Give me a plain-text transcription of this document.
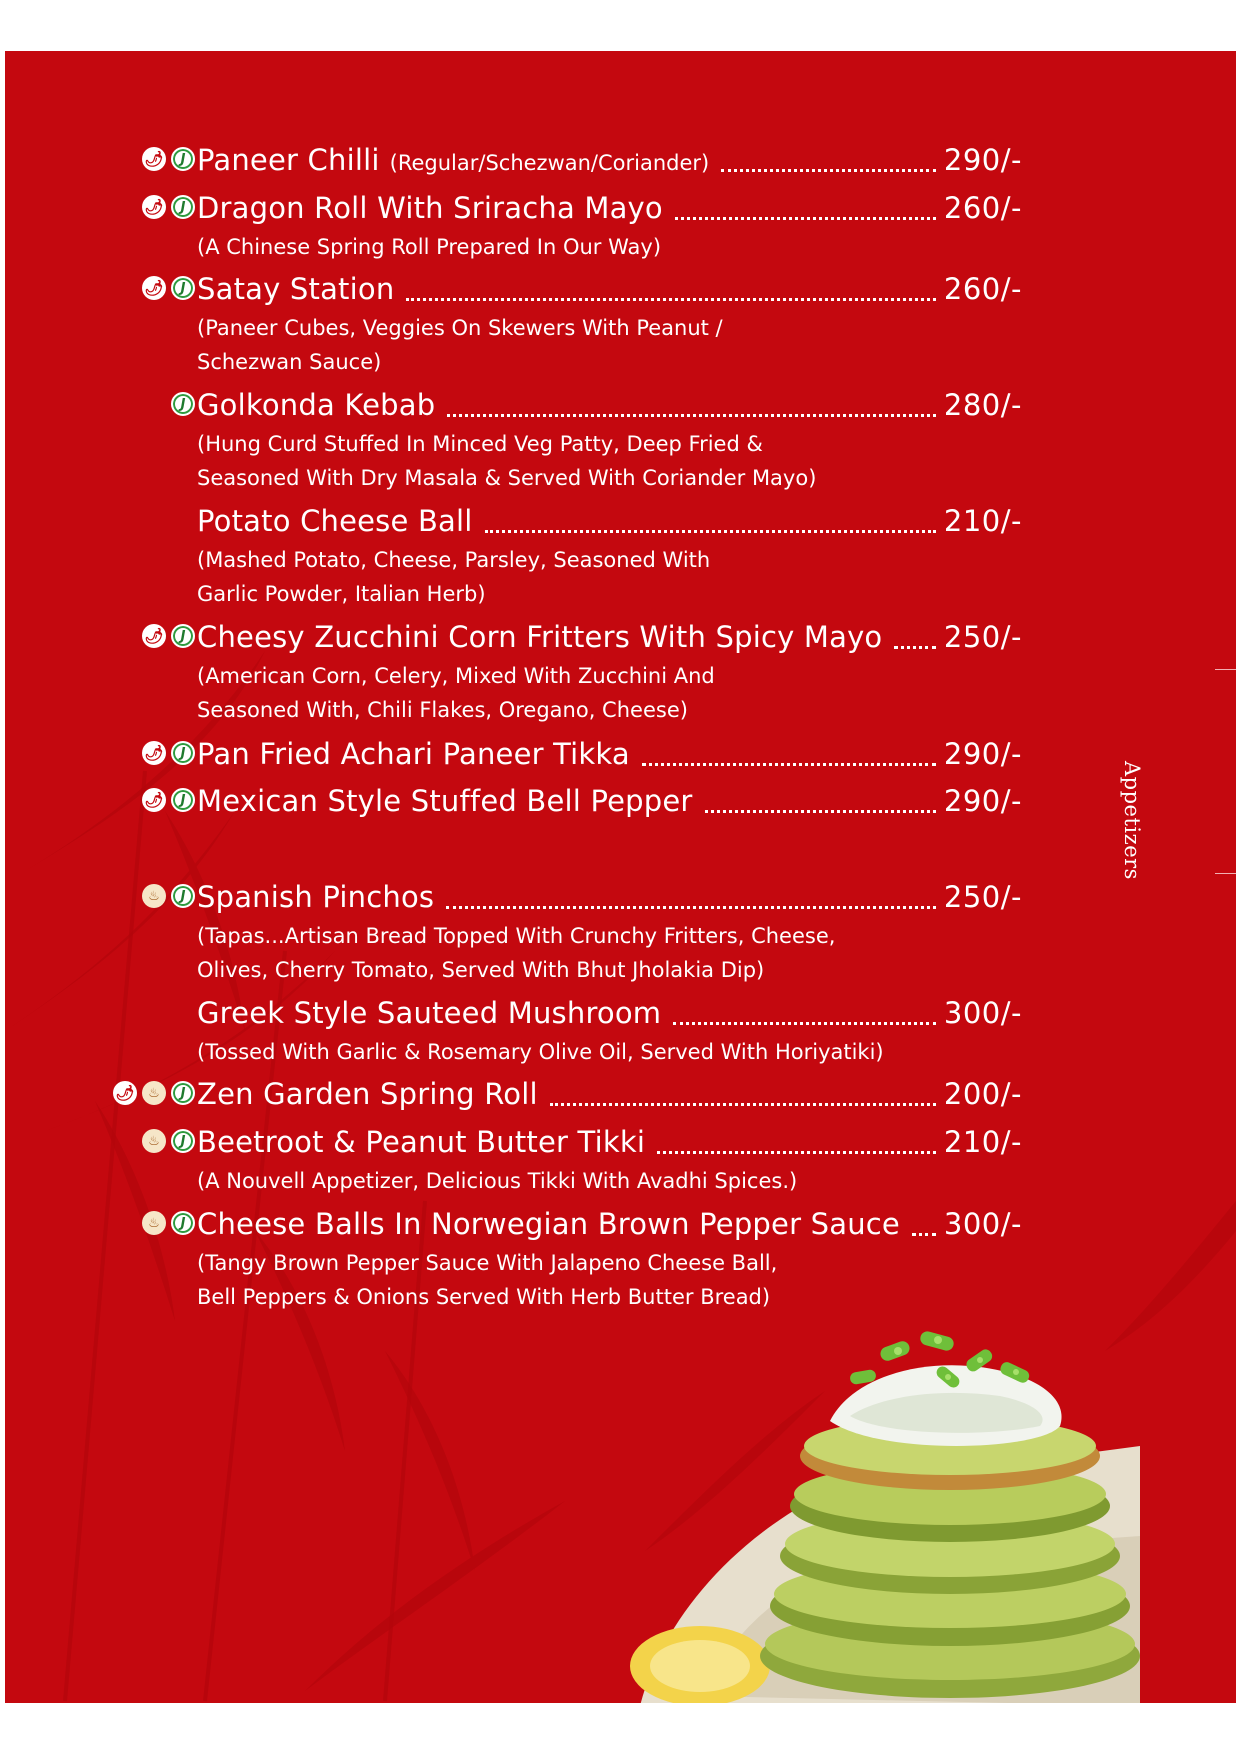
🌶	J Paneer Chilli (Regular/Schezwan/Coriander)	290/-
🌶	J Dragon Roll With Sriracha Mayo	260/-
(A Chinese Spring Roll Prepared In Our Way)
🌶	J Satay Station	260/-
(Paneer Cubes, Veggies On Skewers With Peanut /
Schezwan Sauce)
J Golkonda Kebab	280/-
(Hung Curd Stuffed In Minced Veg Patty, Deep Fried &
Seasoned With Dry Masala & Served With Coriander Mayo)
Potato Cheese Ball	210/-
(Mashed Potato, Cheese, Parsley, Seasoned With
Garlic Powder, Italian Herb)
🌶	J Cheesy Zucchini Corn Fritters With Spicy Mayo 250/-
(American Corn, Celery, Mixed With Zucchini And
Seasoned With, Chili Flakes, Oregano, Cheese)
🌶	J Pan Fried Achari Paneer Tikka	290/-
🌶	J Mexican Style Stuffed Bell Pepper	290/-
♨	J Spanish Pinchos	250/-
(Tapas...Artisan Bread Topped With Crunchy Fritters, Cheese,
Olives, Cherry Tomato, Served With Bhut Jholakia Dip)
Greek Style Sauteed Mushroom	300/-
(Tossed With Garlic & Rosemary Olive Oil, Served With Horiyatiki)
🌶	♨	J Zen Garden Spring Roll	200/-
♨	J Beetroot & Peanut Butter Tikki	210/-
(A Nouvell Appetizer, Delicious Tikki With Avadhi Spices.)
♨	J Cheese Balls In Norwegian Brown Pepper Sauce 300/-
(Tangy Brown Pepper Sauce With Jalapeno Cheese Ball,
Bell Peppers & Onions Served With Herb Butter Bread)
Appetizers
